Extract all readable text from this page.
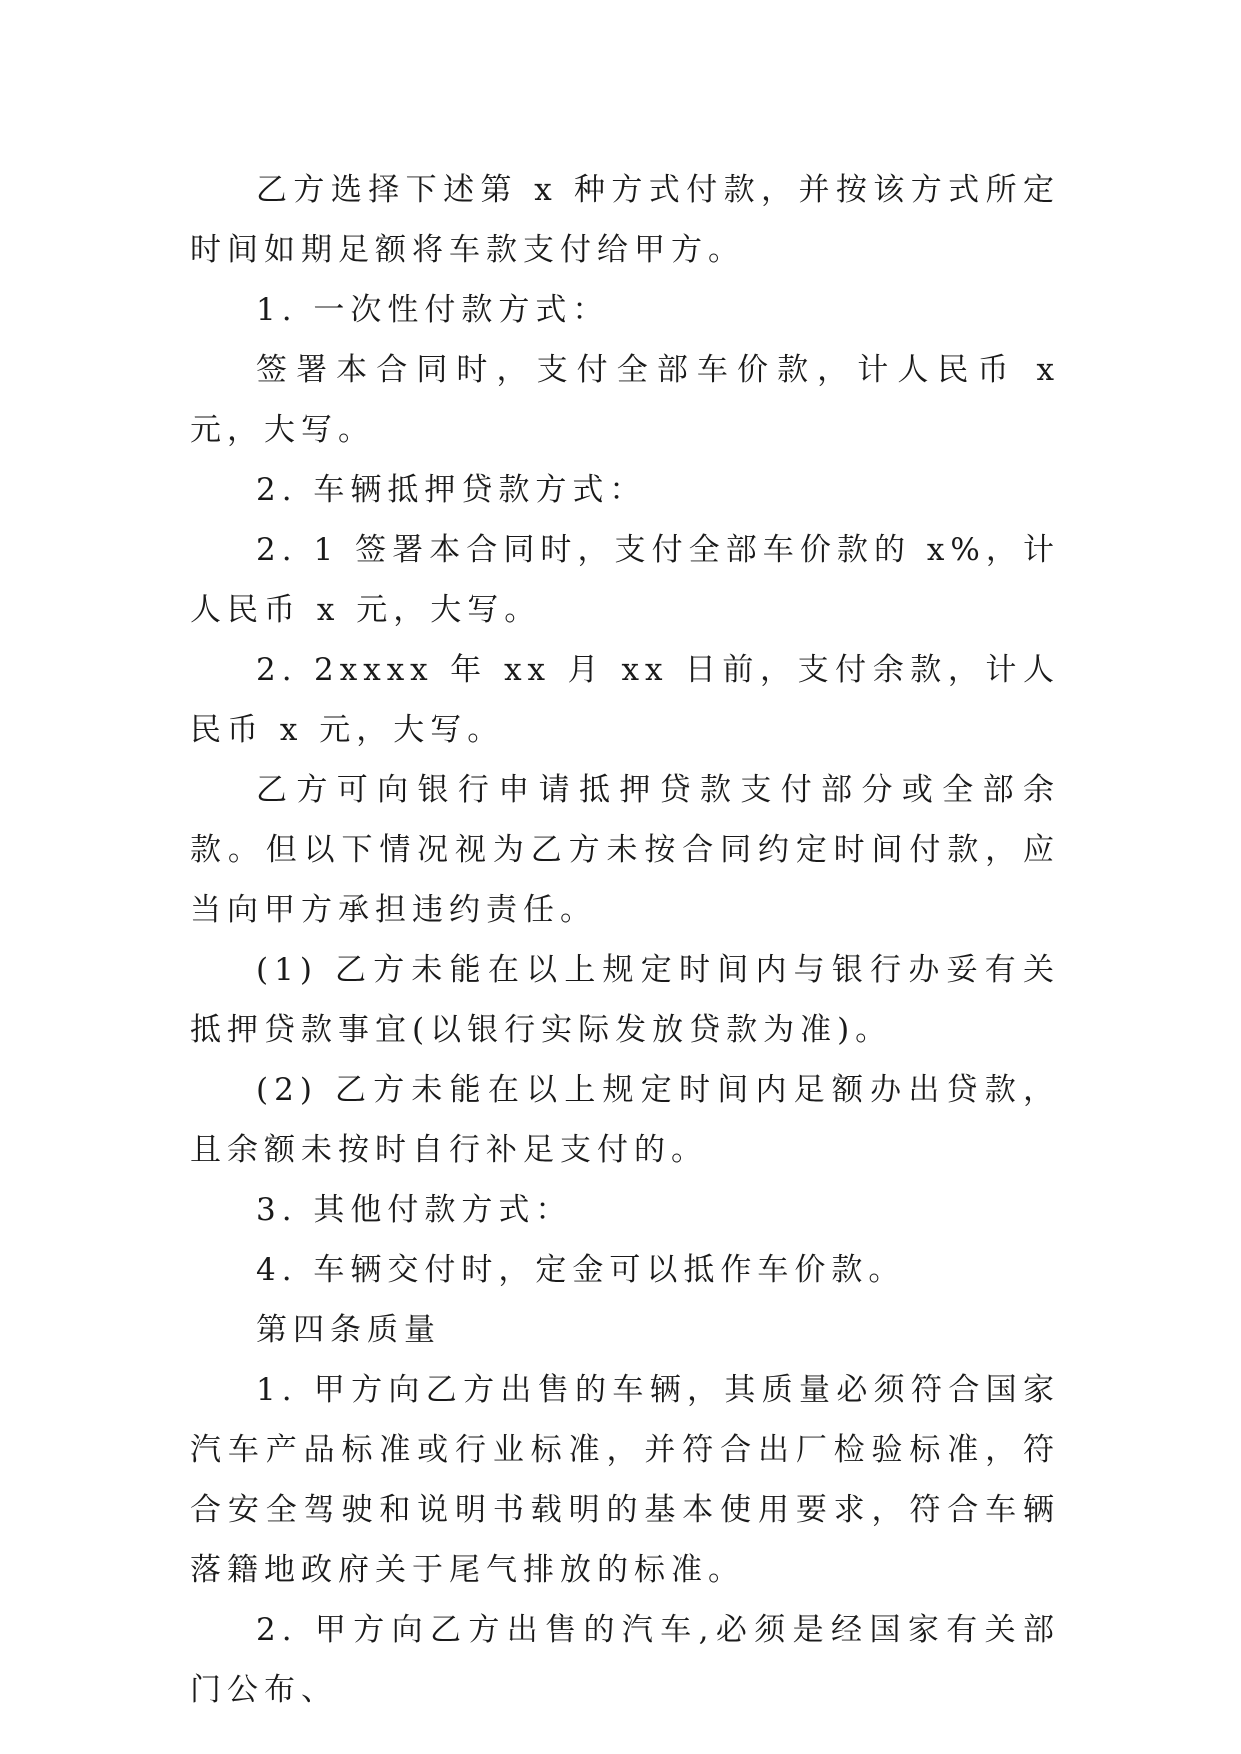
乙方选择下述第 x 种方式付款，并按该方式所定时间如期足额将车款支付给甲方。

1. 一次性付款方式：

签署本合同时，支付全部车价款，计人民币 x 元，大写。

2. 车辆抵押贷款方式：

2. 1 签署本合同时，支付全部车价款的 x%，计人民币 x 元，大写。

2. 2xxxx 年 xx 月 xx 日前，支付余款，计人民币 x 元，大写。

乙方可向银行申请抵押贷款支付部分或全部余款。但以下情况视为乙方未按合同约定时间付款，应当向甲方承担违约责任。

(1) 乙方未能在以上规定时间内与银行办妥有关抵押贷款事宜(以银行实际发放贷款为准)。

(2) 乙方未能在以上规定时间内足额办出贷款，且余额未按时自行补足支付的。

3. 其他付款方式：

4. 车辆交付时，定金可以抵作车价款。

第四条质量

1. 甲方向乙方出售的车辆，其质量必须符合国家汽车产品标准或行业标准，并符合出厂检验标准，符合安全驾驶和说明书载明的基本使用要求，符合车辆落籍地政府关于尾气排放的标准。

2. 甲方向乙方出售的汽车,必须是经国家有关部门公布、
